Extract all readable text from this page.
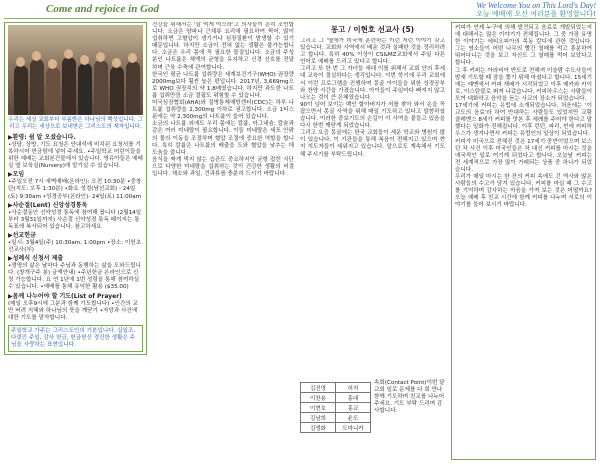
Come and rejoice in God	We Welcome You on This Lord's Day!
오늘 예배에 오신 여러분을 환영합니다!
우리는 세상 교회부터 부름받은 하나님의 백성입니다. 그리고 우리는 세상으로 보내받은 그리스도의 제자입니다.
▶환영: 쉼 알 오셨습니다.
•상담, 상방, 기도 요청은 안내석에 비치된 요청서를 기록하시어 헌금함에 넣어 주세요. •주일학교 어린이들을 위한 예배는 교회본건물에서 있습니다. 영유아들은 예배실 옆 보육실(Nursery)에 맡기실 수 있습니다.
▶모임
•주일오전 7시 새벽예배(온라인): 오전 10:30분 •중창단(지도: 오후 1:30분) •화요 성경(남선교회) - 24일(토) 9:30am •성경공부(온라인)- 24일(토) 11:00am
▶사순절(Lent) 신앙성경통독
•사순절동안 신약성경 통독에 참여해 봅니다 (2월14일부터 3월31일까지) 사순절 신약성경 통독 페이지는 통독표에 복사되어 있습니다. 참고하세요
▶선교헌금
•일시: 3월4일(주) 10:30am, 1:00pm •장소: 이헌초선교사(부)
▶성례식 신청서 제출
•생명의 삶은 날마다 주님과 동행하는 삶을 도와드립니다. (창개구주 봉) 금액안내) •주년헌금 온라인으로 신청 가능합니다. 요 연 1년에 1번 성령을 통해 참여하실 수 있습니다. •예배를 통해 유익한 활용 ($35.00)
▶몸께 나누어야 할 기도(List of Prayer)
(매일 오후9시에 그분과 함께 기도합니다) •인간의 교만 버려 지혜와 하나님의 뜻을 깨닫기 •자망과 사건에 대한 기도를 맡자합니다.
주일학교 가주는 그리스도인의 기본입니다. 십일조, 다릿증 주일, 감사 헌금, 헌금헌신 경건한 생활은 주님을 사랑하는 표현입니다.

건강을 위해서는 '살 먹게 먹으라'고 의사들이 흔히 조언합니다. 소금은 양파나 근채류 요리에 필요하여 찍어, 많이 섭취하면 고혈압이 생기거나 심장질환이 발생할 수 있기 때문입니다. 하지만 소금이 전혀 없는 생활은 불가능합니다. 소금은 우리 몸에 꼭 필요한 물질입니다. 소금의 주성분인 나트륨은 체액의 균형을 유지하고 신경 신호를 전달하며 근육 수축에 관여합니다.

한국인 평균 나트륨 섭취량은 세계보건기구(WHO) 권장량 2000mg보다 훨씬 높은 편입니다. 2017년, 3,669mg으로 WHO 권장치의 약 1.8배였습니다. 하지만 과도한 나트륨 섭취만큼 소금 결핍도 위험할 수 있습니다.

미국심장협회(AHA)와 질병통제예방센터(CDC)는 하루 나트륨 섭취량을 2,300mg 이하로 권고합니다. 소금 1티스푼에는 약 2,300mg의 나트륨이 들어 있습니다.

소금의 나트륨 외에도 우리 몸에는 칼륨, 마그네슘, 칼슘과 같은 여러 미네랄이 필요합니다. 이들 미네랄은 세포 안팎의 물의 이동을 조절하며 혈압 조절에 중요한 역할을 합니다. 특히 칼륨은 나트륨의 배출을 도와 혈압을 낮추는 데 도움을 줍니다.

음식을 짜게 먹지 않는 습관도 중요하지만 균형 잡힌 식단으로 다양한 미네랄을 섭취하는 것이 건강한 생활의 비결입니다. 채소와 과일, 견과류를 충분히 드시기 바랍니다.

몽고 / 이현호 선교사 (5)

그리고 그 '옆에가 미국에 훈련하는 이런 저런 이야기 갖고 있습니다. 교회와 사역에서 배운 것과 실패한 것을 정리하려고 합니다. 특히 40% 이상이 CS&MZ교회에서 주일 다른 언어로 예배를 드리고 있다고 합니다.

그리고 또 한 번 그 자녀들 세대 이를 위해서 교회 안의 후세대 교육이 절실하다는 생각입니다. 이번 학기에 우리 교회에서 이런 프로그램을 진행하며 몽골 아이들을 위한 성경공부와 찬양 시간을 가졌습니다. 아이들이 주일마다 빠지지 않고 나오는 것이 큰 은혜였습니다.

90이 넘어 보이는 백인 할아버지가 저를 찾아 와서 손을 꼭 잡으면서 몽골 사역을 위해 매일 기도하고 있다고 말씀하셨습니다. 이러한 중보기도의 손길이 이 사역을 붙들고 있음을 다시 한번 깨닫게 되었습니다.

그리고 요즘 몽골에는 한국 교회들이 세운 학교와 병원이 많이 있습니다. 이 기관들을 통해 복음이 전해지고 있으며 현지 지도자들이 세워지고 있습니다. 앞으로도 계속해서 기도해 주시기를 부탁드립니다.

김진영	허지
이찬용	홍대
이현호	홍교
김남희	윤도
김생화	도마니카
속회(Contact Point)이번 달 교회 일로 문제를 다 회 만나 함께 기도하며 친교를 나누어 주세요. 기도 부탁 드리며 감사합니다.

커피가 언제 누구에 의해 발견되고 음료로 개발되었는지에 대해서는 많은 이야기가 전해집니다. 그 중 가장 유명한 이야기는 에티오피아의 목동 칼디에 관한 것입니다. 그는 염소들이 어떤 나무의 빨간 열매를 먹고 흥분하여 뛰어다니는 것을 보고 자신도 그 열매를 먹어 보았다고 합니다.

그 후 커피는 아라비아 반도로 전해져 이슬람 수도사들이 밤새 기도할 때 잠을 쫓기 위해 마셨다고 합니다. 15세기에는 예멘에서 커피 재배가 시작되었고 이후 메카와 카이로, 이스탄불로 퍼져 나갔습니다. 커피하우스는 사람들이 모여 대화하고 음악을 듣는 사교의 장소가 되었습니다.

17세기에 커피는 유럽에 소개되었습니다. 처음에는 '이교도의 음료'라 하여 반대하는 사람들도 있었지만 교황 클레멘스 8세가 커피를 맛본 후 세례를 주어야 한다고 말했다는 일화가 전해집니다. 이후 런던, 파리, 빈에 커피하우스가 생겨나면서 커피는 유럽인의 일상이 되었습니다.

커피가 미국으로 전해진 것은 17세기 중반이었으며 보스턴 차 사건 이후 미국인들은 차 대신 커피를 마시는 것을 애국적인 일로 여기게 되었다고 합니다. 오늘날 커피는 전 세계적으로 가장 많이 거래되는 상품 중 하나가 되었습니다.

우리가 매일 마시는 한 잔의 커피 속에도 긴 역사와 많은 사람들의 수고가 담겨 있습니다. 커피를 마실 때 그 수고를 기억하며 감사하는 마음을 가져 보는 것은 어떨까요? 오늘 예배 후 친교 시간에 함께 커피를 나누며 서로의 이야기를 들어 보시기 바랍니다.
